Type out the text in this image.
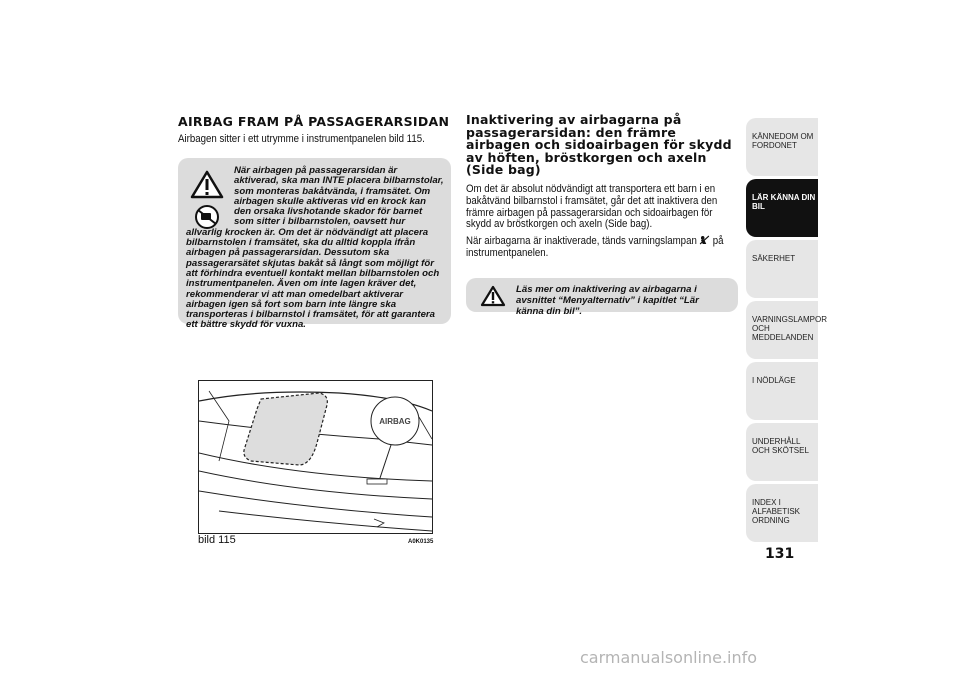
AIRBAG FRAM PÅ PASSAGERARSIDAN

Airbagen sitter i ett utrymme i instrumentpanelen bild 115.

När airbagen på passagerarsidan är aktiverad, ska man INTE placera bilbarnstolar, som monteras bakåtvända, i framsätet. Om airbagen skulle aktiveras vid en krock kan den orsaka livshotande skador för barnet som sitter i bilbarnstolen, oavsett hur allvarlig krocken är. Om det är nödvändigt att placera bilbarnstolen i framsätet, ska du alltid koppla ifrån airbagen på passagerarsidan. Dessutom ska passagerarsätet skjutas bakåt så långt som möjligt för att förhindra eventuell kontakt mellan bilbarnstolen och instrumentpanelen. Även om inte lagen kräver det, rekommenderar vi att man omedelbart aktiverar airbagen igen så fort som barn inte längre ska transporteras i bilbarnstol i framsätet, för att garantera ett bättre skydd för vuxna.

AIRBAG
bild 115	A0K0135
Inaktivering av airbagarna på passagerarsidan: den främre airbagen och sidoairbagen för skydd av höften, bröstkorgen och axeln (Side bag)

Om det är absolut nödvändigt att transportera ett barn i en bakåtvänd bilbarnstol i framsätet, går det att inaktivera den främre airbagen på passagerarsidan och sidoairbagen för skydd av bröstkorgen och axeln (Side bag).

När airbagarna är inaktiverade, tänds varningslampan på instrumentpanelen.

Läs mer om inaktivering av airbagarna i avsnittet “Menyalternativ” i kapitlet “Lär känna din bil”.

KÄNNEDOM OM FORDONET
LÄR KÄNNA DIN BIL
SÄKERHET
VARNINGSLAMPOR OCH MEDDELANDEN
I NÖDLÄGE
UNDERHÅLL OCH SKÖTSEL
INDEX I ALFABETISK ORDNING
131
carmanualsonline.info
